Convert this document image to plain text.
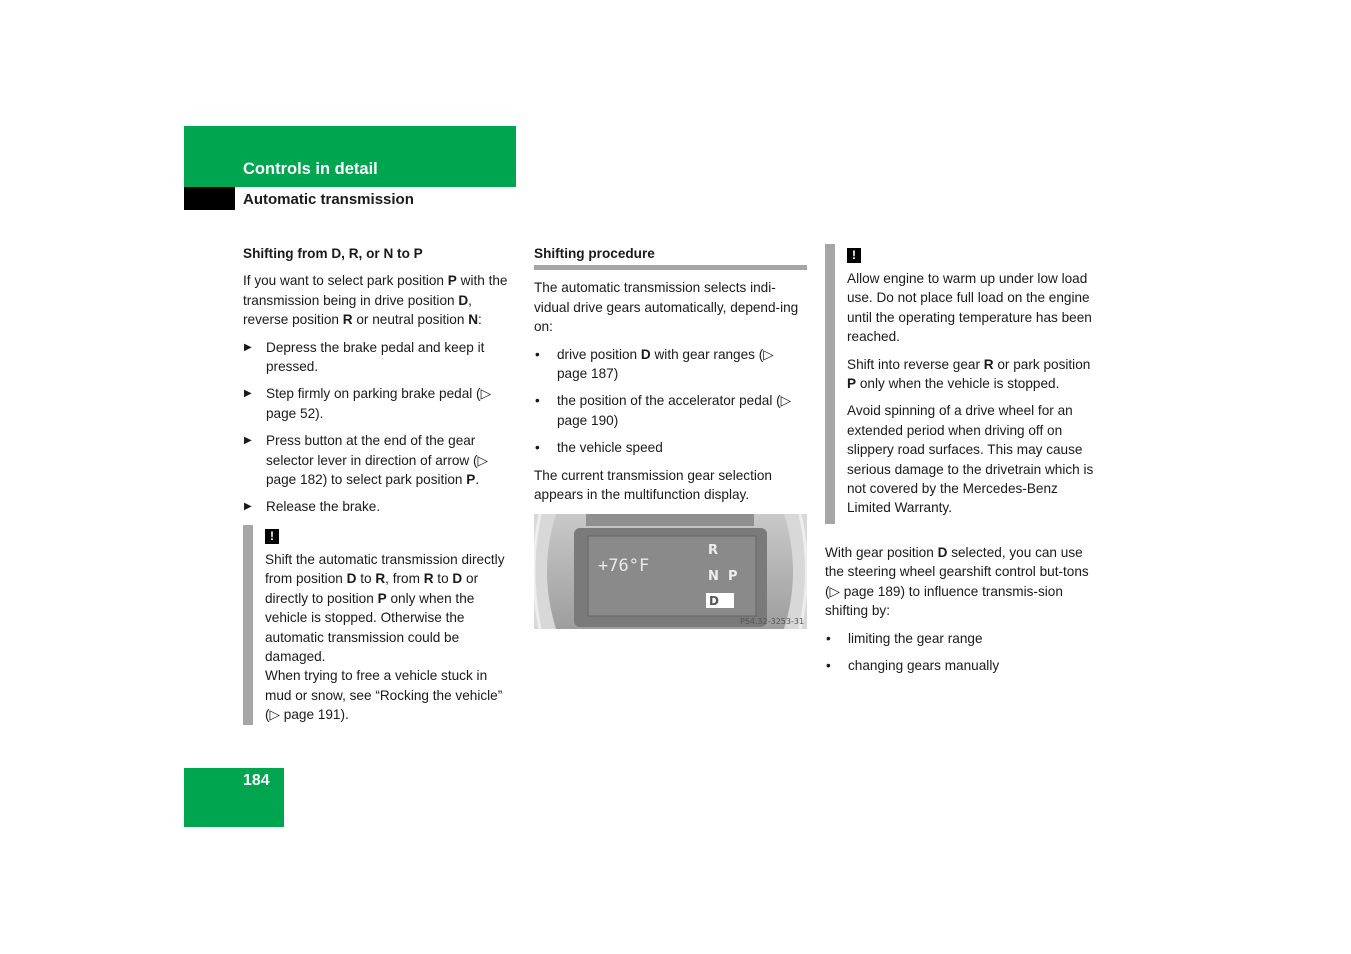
Controls in detail
Automatic transmission

Shifting from D, R, or N to P

If you want to select park position P with the transmission being in drive position D, reverse position R or neutral position N:

▶ Depress the brake pedal and keep it pressed.
▶ Step firmly on parking brake pedal (▷ page 52).
▶ Press button at the end of the gear selector lever in direction of arrow (▷ page 182) to select park position P.
▶ Release the brake.
!

Shift the automatic transmission directly from position D to R, from R to D or directly to position P only when the vehicle is stopped. Otherwise the automatic transmission could be damaged.

When trying to free a vehicle stuck in mud or snow, see “Rocking the vehicle” (▷ page 191).

Shifting procedure

The automatic transmission selects indi-vidual drive gears automatically, depend-ing on:

• drive position D with gear ranges (▷ page 187)
• the position of the accelerator pedal (▷ page 190)
• the vehicle speed

The current transmission gear selection appears in the multifunction display.

+76°F
R
N P
D
P54.32-3253-31
!

Allow engine to warm up under low load use. Do not place full load on the engine until the operating temperature has been reached.

Shift into reverse gear R or park position P only when the vehicle is stopped.

Avoid spinning of a drive wheel for an extended period when driving off on slippery road surfaces. This may cause serious damage to the drivetrain which is not covered by the Mercedes-Benz Limited Warranty.

With gear position D selected, you can use the steering wheel gearshift control but-tons (▷ page 189) to influence transmis-sion shifting by:

• limiting the gear range
• changing gears manually
184
